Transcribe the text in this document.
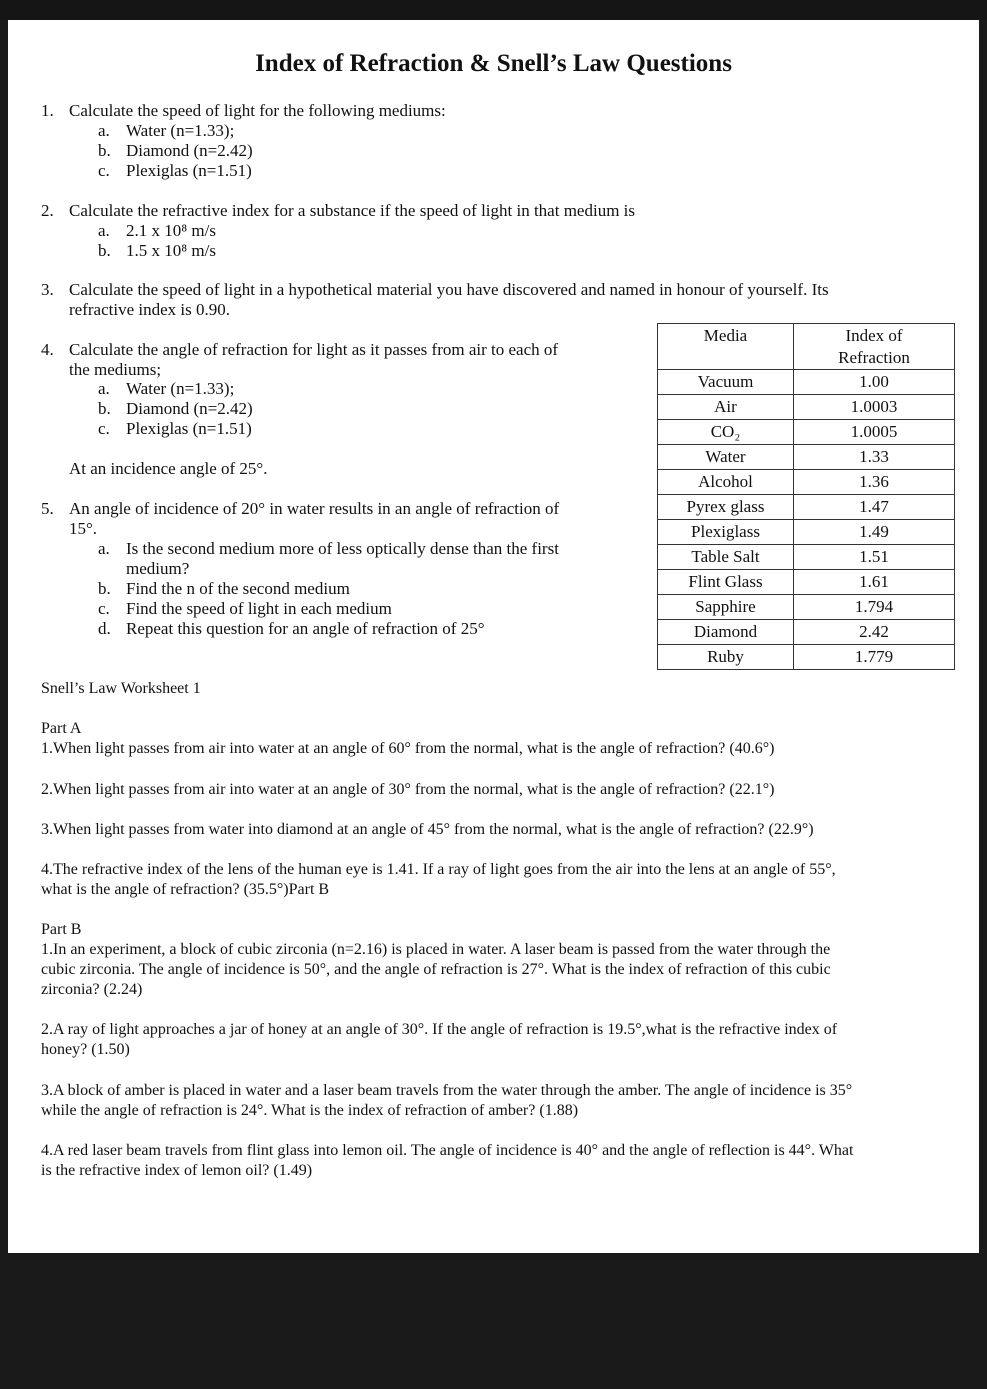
Index of Refraction & Snell’s Law Questions
1. Calculate the speed of light for the following mediums:
a. Water (n=1.33);
b. Diamond (n=2.42)
c. Plexiglas (n=1.51)
2. Calculate the refractive index for a substance if the speed of light in that medium is
a. 2.1 x 10⁸ m/s
b. 1.5 x 10⁸ m/s
3. Calculate the speed of light in a hypothetical material you have discovered and named in honour of yourself. Its
refractive index is 0.90.
4. Calculate the angle of refraction for light as it passes from air to each of
the mediums;
a. Water (n=1.33);
b. Diamond (n=2.42)
c. Plexiglas (n=1.51)
At an incidence angle of 25°.
5. An angle of incidence of 20° in water results in an angle of refraction of
15°.
a. Is the second medium more of less optically dense than the first
medium?
b. Find the n of the second medium
c. Find the speed of light in each medium
d. Repeat this question for an angle of refraction of 25°
Media	Index of
Refraction
Vacuum	1.00
Air	1.0003
CO₂	1.0005
Water	1.33
Alcohol	1.36
Pyrex glass	1.47
Plexiglass	1.49
Table Salt	1.51
Flint Glass	1.61
Sapphire	1.794
Diamond	2.42
Ruby	1.779
Snell’s Law Worksheet 1
Part A
1.When light passes from air into water at an angle of 60° from the normal, what is the angle of refraction? (40.6°)
2.When light passes from air into water at an angle of 30° from the normal, what is the angle of refraction? (22.1°)
3.When light passes from water into diamond at an angle of 45° from the normal, what is the angle of refraction? (22.9°)
4.The refractive index of the lens of the human eye is 1.41. If a ray of light goes from the air into the lens at an angle of 55°,
what is the angle of refraction? (35.5°)Part B
Part B
1.In an experiment, a block of cubic zirconia (n=2.16) is placed in water. A laser beam is passed from the water through the
cubic zirconia. The angle of incidence is 50°, and the angle of refraction is 27°. What is the index of refraction of this cubic
zirconia? (2.24)
2.A ray of light approaches a jar of honey at an angle of 30°. If the angle of refraction is 19.5°,what is the refractive index of
honey? (1.50)
3.A block of amber is placed in water and a laser beam travels from the water through the amber. The angle of incidence is 35°
while the angle of refraction is 24°. What is the index of refraction of amber? (1.88)
4.A red laser beam travels from flint glass into lemon oil. The angle of incidence is 40° and the angle of reflection is 44°. What
is the refractive index of lemon oil? (1.49)
